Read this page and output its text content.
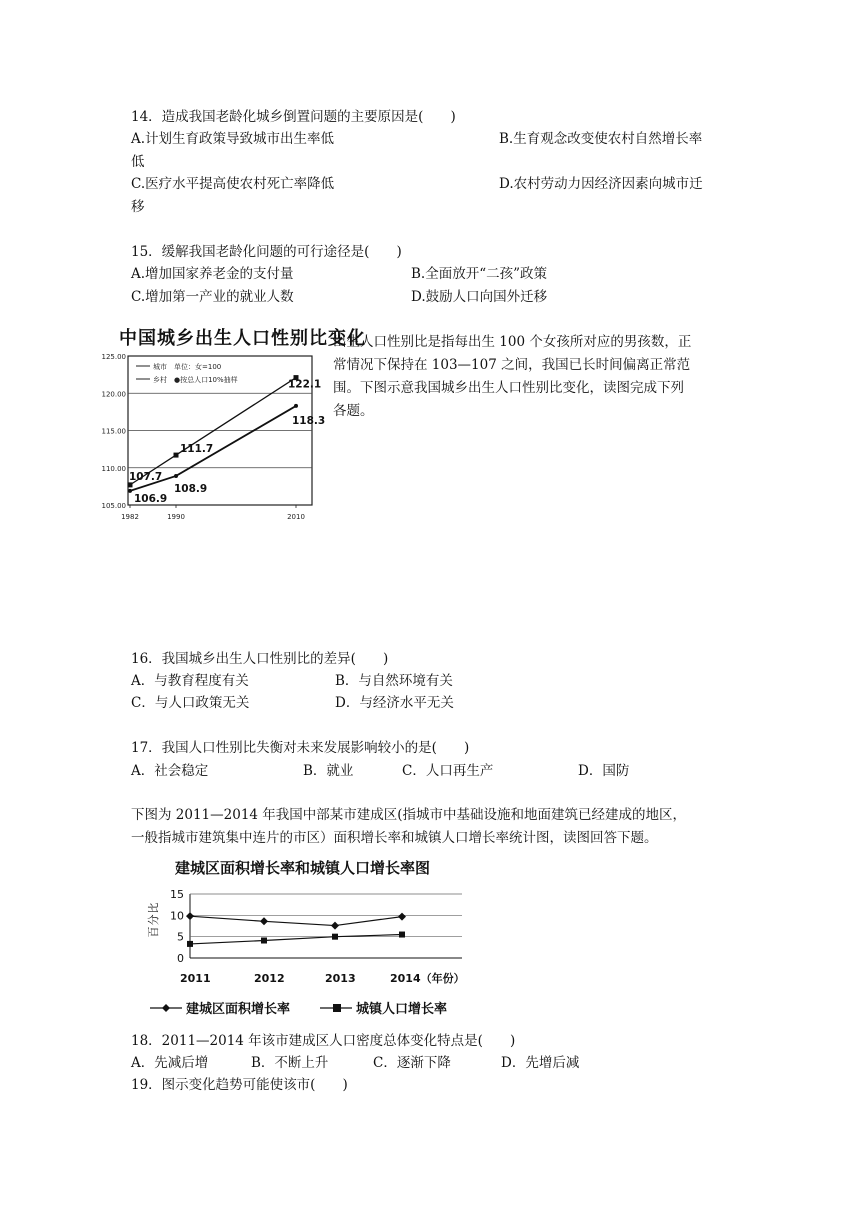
14．造成我国老龄化城乡倒置问题的主要原因是(　　)
A.计划生育政策导致城市出生率低	B.生育观念改变使农村自然增长率
低
C.医疗水平提高使农村死亡率降低	D.农村劳动力因经济因素向城市迁
移
15．缓解我国老龄化问题的可行途径是(　　)
A.增加国家养老金的支付量	B.全面放开“二孩”政策
C.增加第一产业的就业人数	D.鼓励人口向国外迁移
中国城乡出生人口性别比变化
105.00
110.00
115.00
120.00
125.00
1982	1990	2010
城市　单位：女=100
乡村　●按总人口10%抽样
107.7
111.7
122.1
106.9
108.9
118.3
出生人口性别比是指每出生 100 个女孩所对应的男孩数，正
常情况下保持在 103—107 之间，我国已长时间偏离正常范
围。下图示意我国城乡出生人口性别比变化，读图完成下列
各题。
16．我国城乡出生人口性别比的差异(　　)
A．与教育程度有关	B．与自然环境有关
C．与人口政策无关	D．与经济水平无关
17．我国人口性别比失衡对未来发展影响较小的是(　　)
A．社会稳定	B．就业	C．人口再生产	D．国防
下图为 2011—2014 年我国中部某市建成区(指城市中基础设施和地面建筑已经建成的地区，
一般指城市建筑集中连片的市区）面积增长率和城镇人口增长率统计图，读图回答下题。
建城区面积增长率和城镇人口增长率图
0
5
10
15
百
分
比
2011	2012	2013	2014（年份）
建城区面积增长率	城镇人口增长率
18．2011—2014 年该市建成区人口密度总体变化特点是(　　)
A．先减后增	B．不断上升	C．逐渐下降	D．先增后减
19．图示变化趋势可能使该市(　　)
